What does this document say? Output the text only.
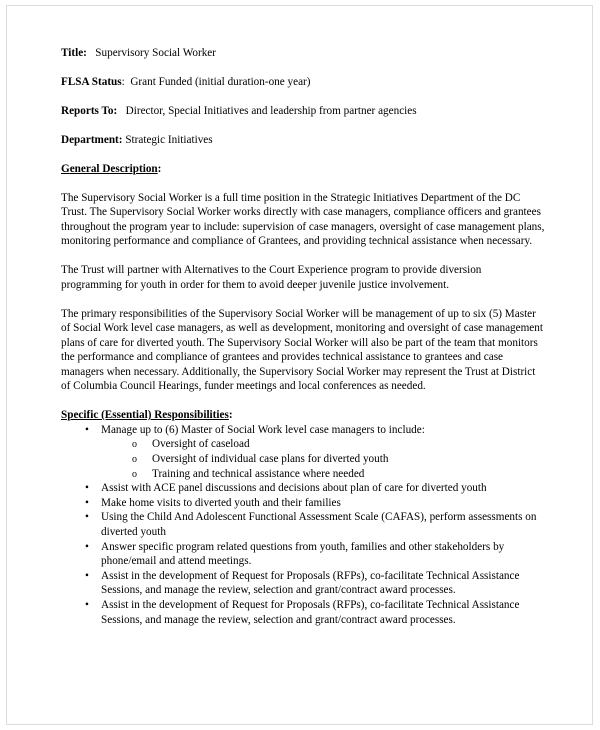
Title: Supervisory Social Worker
FLSA Status: Grant Funded (initial duration-one year)
Reports To: Director, Special Initiatives and leadership from partner agencies
Department: Strategic Initiatives
General Description:

The Supervisory Social Worker is a full time position in the Strategic Initiatives Department of the DC Trust. The Supervisory Social Worker works directly with case managers, compliance officers and grantees throughout the program year to include: supervision of case managers, oversight of case management plans, monitoring performance and compliance of Grantees, and providing technical assistance when necessary.

The Trust will partner with Alternatives to the Court Experience program to provide diversion programming for youth in order for them to avoid deeper juvenile justice involvement.

The primary responsibilities of the Supervisory Social Worker will be management of up to six (5) Master of Social Work level case managers, as well as development, monitoring and oversight of case management plans of care for diverted youth. The Supervisory Social Worker will also be part of the team that monitors the performance and compliance of grantees and provides technical assistance to grantees and case managers when necessary. Additionally, the Supervisory Social Worker may represent the Trust at District of Columbia Council Hearings, funder meetings and local conferences as needed.

Specific (Essential) Responsibilities:
• Manage up to (6) Master of Social Work level case managers to include:
o Oversight of caseload
o Oversight of individual case plans for diverted youth
o Training and technical assistance where needed
• Assist with ACE panel discussions and decisions about plan of care for diverted youth
• Make home visits to diverted youth and their families
• Using the Child And Adolescent Functional Assessment Scale (CAFAS), perform assessments on diverted youth
• Answer specific program related questions from youth, families and other stakeholders by phone/email and attend meetings.
• Assist in the development of Request for Proposals (RFPs), co-facilitate Technical Assistance Sessions, and manage the review, selection and grant/contract award processes.
• Assist in the development of Request for Proposals (RFPs), co-facilitate Technical Assistance Sessions, and manage the review, selection and grant/contract award processes.
